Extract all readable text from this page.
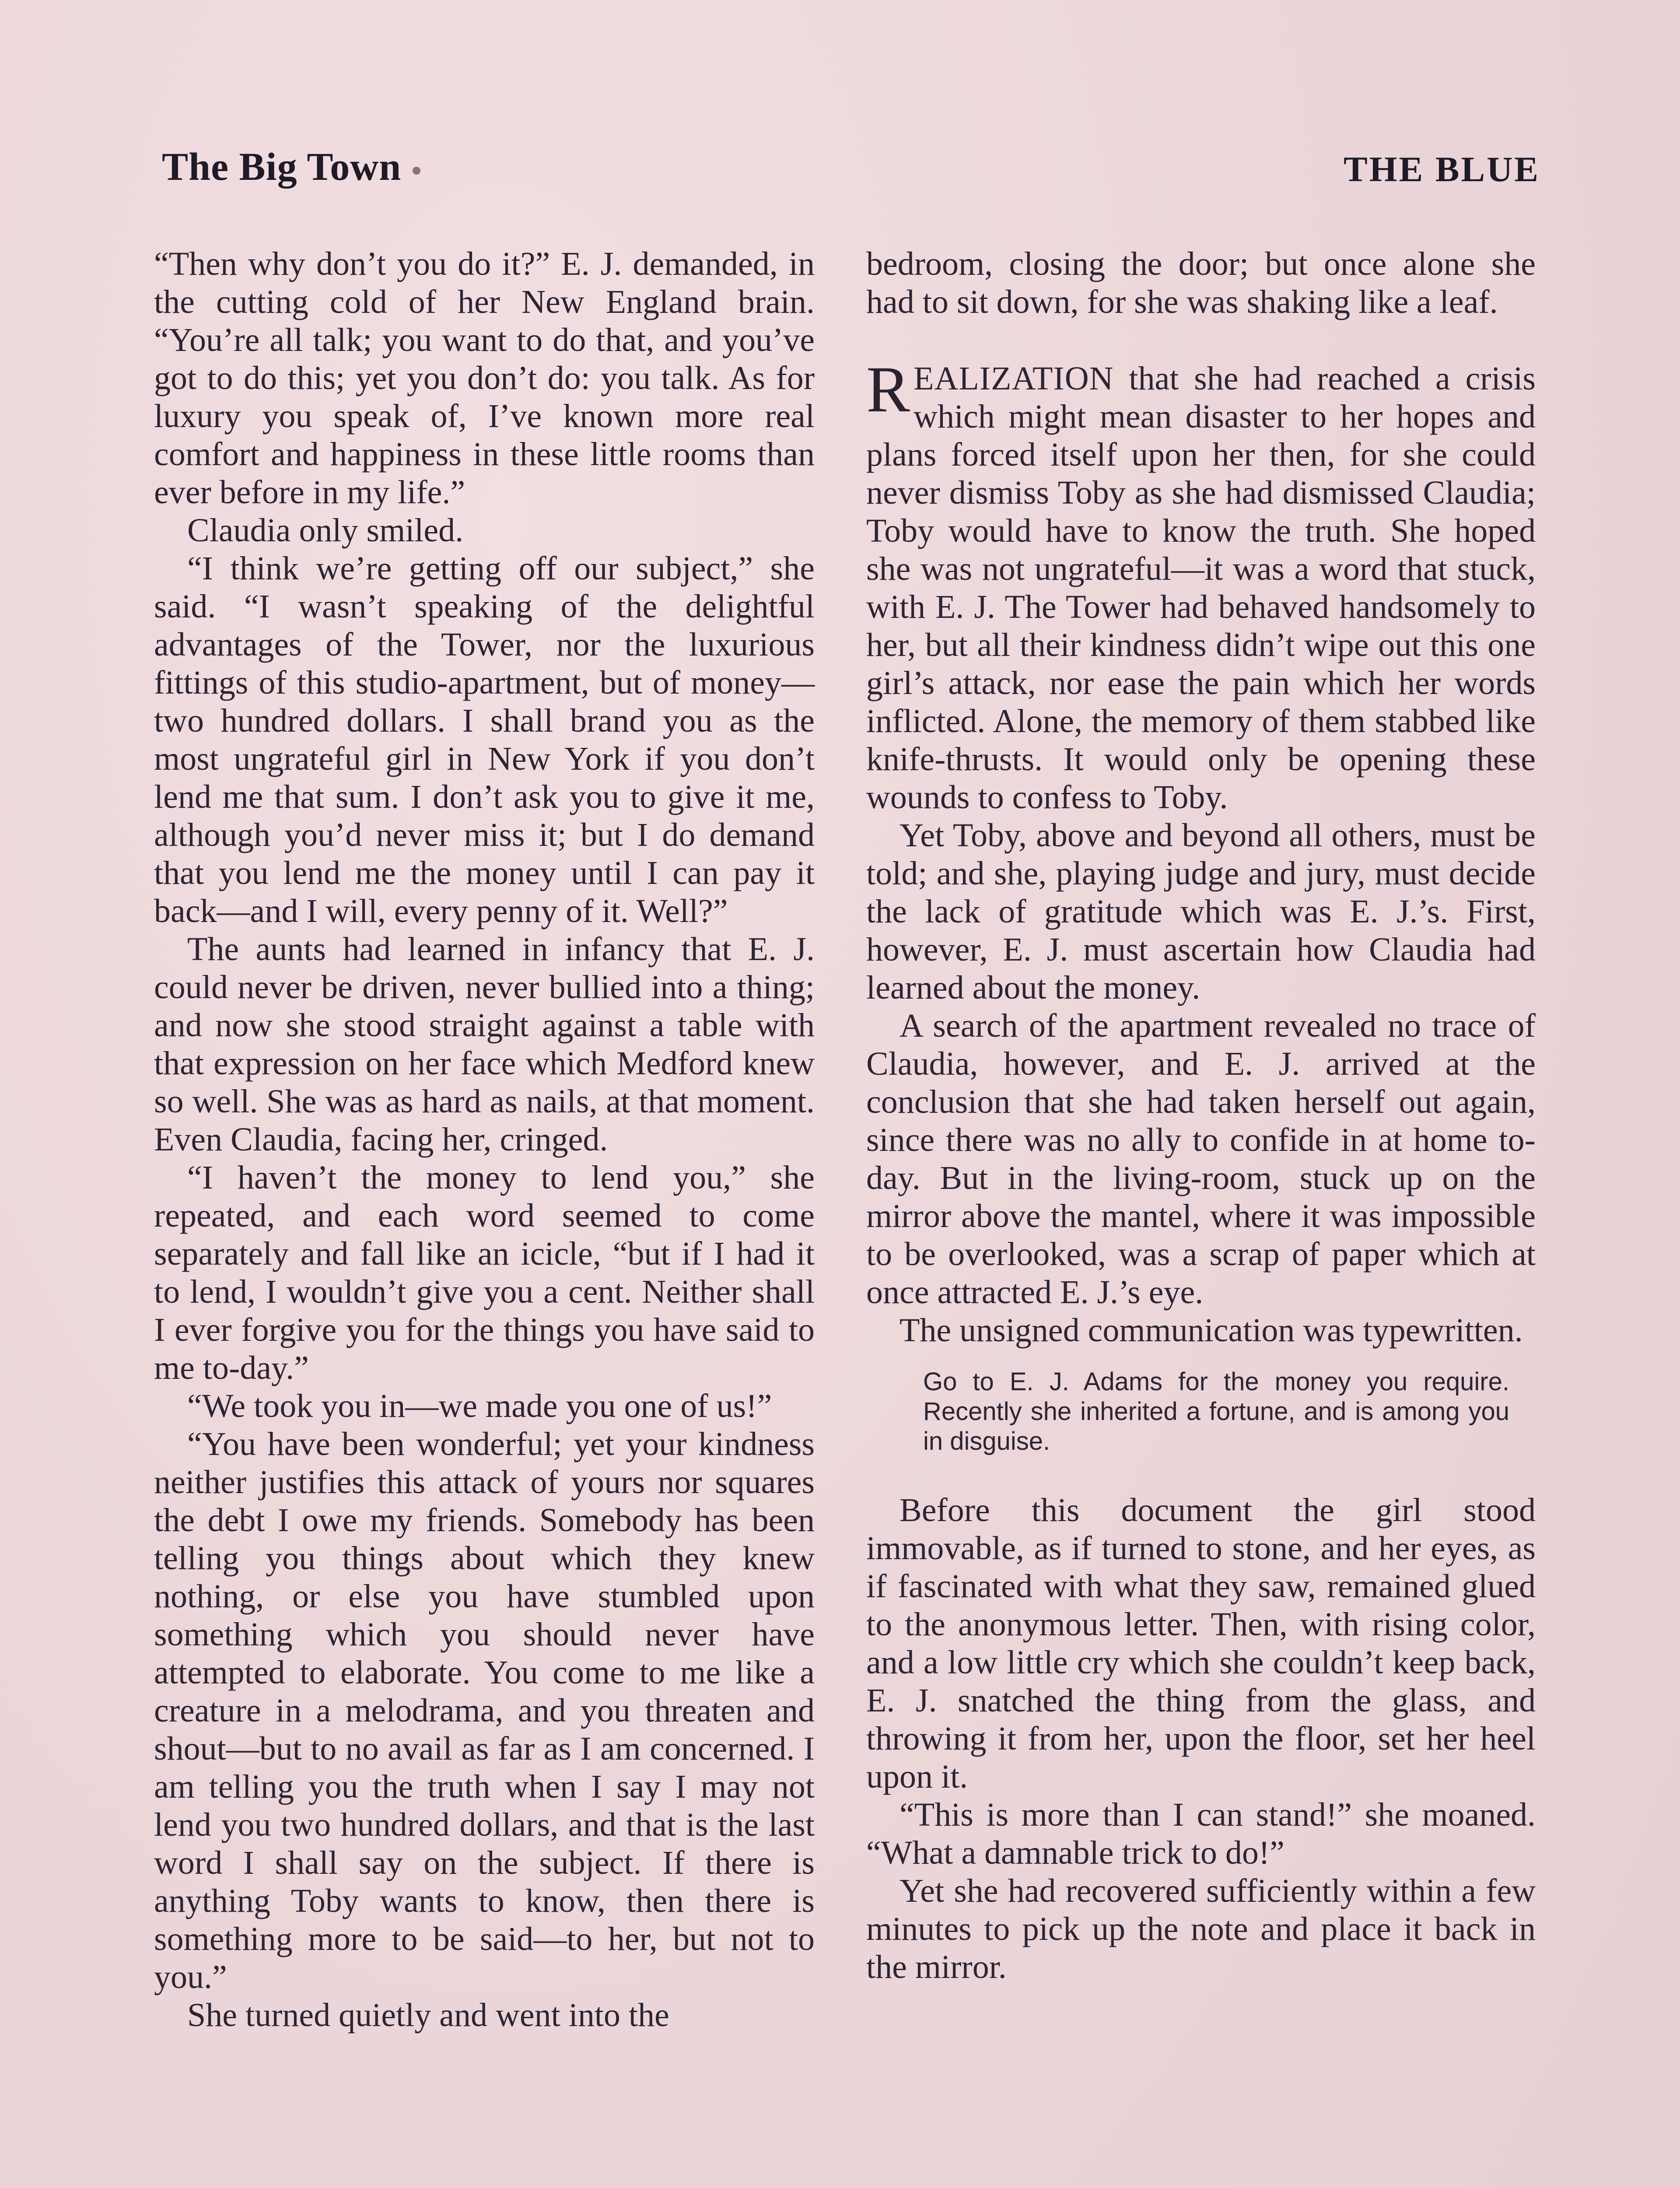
The Big Town	THE BLUE

“Then why don’t you do it?” E. J. demanded, in the cutting cold of her New England brain. “You’re all talk; you want to do that, and you’ve got to do this; yet you don’t do: you talk. As for luxury you speak of, I’ve known more real comfort and happiness in these little rooms than ever before in my life.”

Claudia only smiled.

“I think we’re getting off our subject,” she said. “I wasn’t speaking of the delightful advantages of the Tower, nor the luxurious fittings of this studio-apartment, but of money—two hundred dollars. I shall brand you as the most ungrateful girl in New York if you don’t lend me that sum. I don’t ask you to give it me, although you’d never miss it; but I do demand that you lend me the money until I can pay it back—and I will, every penny of it. Well?”

The aunts had learned in infancy that E. J. could never be driven, never bullied into a thing; and now she stood straight against a table with that expression on her face which Medford knew so well. She was as hard as nails, at that moment. Even Claudia, facing her, cringed.

“I haven’t the money to lend you,” she repeated, and each word seemed to come separately and fall like an icicle, “but if I had it to lend, I wouldn’t give you a cent. Neither shall I ever forgive you for the things you have said to me to-day.”

“We took you in—we made you one of us!”

“You have been wonderful; yet your kindness neither justifies this attack of yours nor squares the debt I owe my friends. Somebody has been telling you things about which they knew nothing, or else you have stumbled upon something which you should never have attempted to elaborate. You come to me like a creature in a melodrama, and you threaten and shout—but to no avail as far as I am concerned. I am telling you the truth when I say I may not lend you two hundred dollars, and that is the last word I shall say on the subject. If there is anything Toby wants to know, then there is something more to be said—to her, but not to you.”

She turned quietly and went into the

bedroom, closing the door; but once alone she had to sit down, for she was shaking like a leaf.

REALIZATION that she had reached a crisis which might mean disaster to her hopes and plans forced itself upon her then, for she could never dismiss Toby as she had dismissed Claudia; Toby would have to know the truth. She hoped she was not ungrateful—it was a word that stuck, with E. J. The Tower had behaved handsomely to her, but all their kindness didn’t wipe out this one girl’s attack, nor ease the pain which her words inflicted. Alone, the memory of them stabbed like knife-thrusts. It would only be opening these wounds to confess to Toby.

Yet Toby, above and beyond all others, must be told; and she, playing judge and jury, must decide the lack of gratitude which was E. J.’s. First, however, E. J. must ascertain how Claudia had learned about the money.

A search of the apartment revealed no trace of Claudia, however, and E. J. arrived at the conclusion that she had taken herself out again, since there was no ally to confide in at home to-day. But in the living-room, stuck up on the mirror above the mantel, where it was impossible to be overlooked, was a scrap of paper which at once attracted E. J.’s eye.

The unsigned communication was typewritten.

Go to E. J. Adams for the money you require. Recently she inherited a fortune, and is among you in disguise.

Before this document the girl stood immovable, as if turned to stone, and her eyes, as if fascinated with what they saw, remained glued to the anonymous letter. Then, with rising color, and a low little cry which she couldn’t keep back, E. J. snatched the thing from the glass, and throwing it from her, upon the floor, set her heel upon it.

“This is more than I can stand!” she moaned. “What a damnable trick to do!”

Yet she had recovered sufficiently within a few minutes to pick up the note and place it back in the mirror.
